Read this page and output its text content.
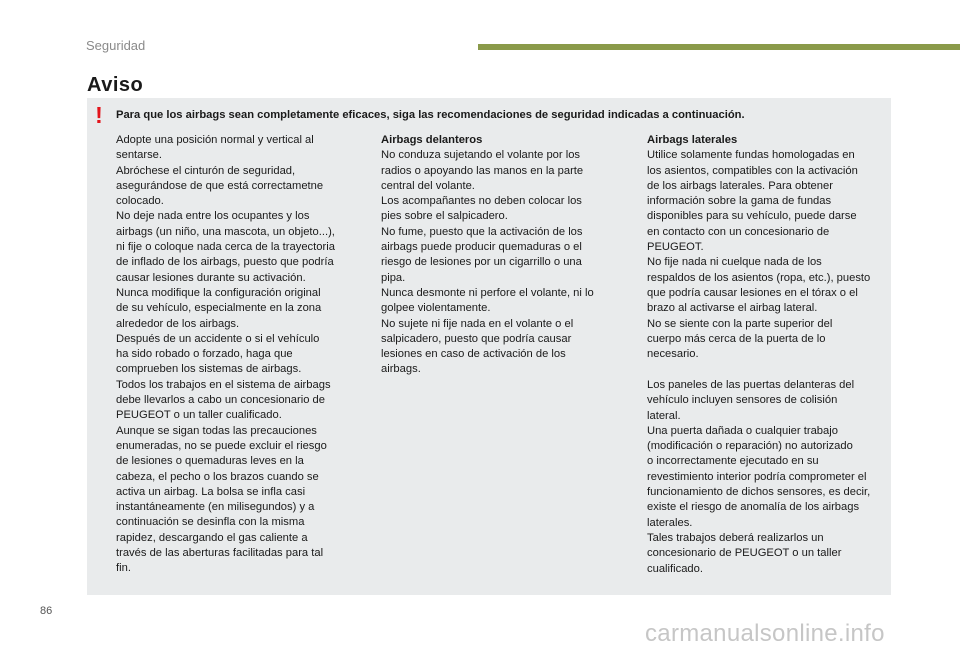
Seguridad
Aviso
! Para que los airbags sean completamente eficaces, siga las recomendaciones de seguridad indicadas a continuación.

Adopte una posición normal y vertical al

sentarse.

Abróchese el cinturón de seguridad,

asegurándose de que está correctametne

colocado.

No deje nada entre los ocupantes y los

airbags (un niño, una mascota, un objeto...),

ni fije o coloque nada cerca de la trayectoria

de inflado de los airbags, puesto que podría

causar lesiones durante su activación.

Nunca modifique la configuración original

de su vehículo, especialmente en la zona

alrededor de los airbags.

Después de un accidente o si el vehículo

ha sido robado o forzado, haga que

comprueben los sistemas de airbags.

Todos los trabajos en el sistema de airbags

debe llevarlos a cabo un concesionario de

PEUGEOT o un taller cualificado.

Aunque se sigan todas las precauciones

enumeradas, no se puede excluir el riesgo

de lesiones o quemaduras leves en la

cabeza, el pecho o los brazos cuando se

activa un airbag. La bolsa se infla casi

instantáneamente (en milisegundos) y a

continuación se desinfla con la misma

rapidez, descargando el gas caliente a

través de las aberturas facilitadas para tal

fin.

Airbags delanteros

No conduza sujetando el volante por los

radios o apoyando las manos en la parte

central del volante.

Los acompañantes no deben colocar los

pies sobre el salpicadero.

No fume, puesto que la activación de los

airbags puede producir quemaduras o el

riesgo de lesiones por un cigarrillo o una

pipa.

Nunca desmonte ni perfore el volante, ni lo

golpee violentamente.

No sujete ni fije nada en el volante o el

salpicadero, puesto que podría causar

lesiones en caso de activación de los

airbags.

Airbags laterales

Utilice solamente fundas homologadas en

los asientos, compatibles con la activación

de los airbags laterales. Para obtener

información sobre la gama de fundas

disponibles para su vehículo, puede darse

en contacto con un concesionario de

PEUGEOT.

No fije nada ni cuelque nada de los

respaldos de los asientos (ropa, etc.), puesto

que podría causar lesiones en el tórax o el

brazo al activarse el airbag lateral.

No se siente con la parte superior del

cuerpo más cerca de la puerta de lo

necesario.

Los paneles de las puertas delanteras del

vehículo incluyen sensores de colisión

lateral.

Una puerta dañada o cualquier trabajo

(modificación o reparación) no autorizado

o incorrectamente ejecutado en su

revestimiento interior podría comprometer el

funcionamiento de dichos sensores, es decir,

existe el riesgo de anomalía de los airbags

laterales.

Tales trabajos deberá realizarlos un

concesionario de PEUGEOT o un taller

cualificado.

86
carmanualsonline.info
